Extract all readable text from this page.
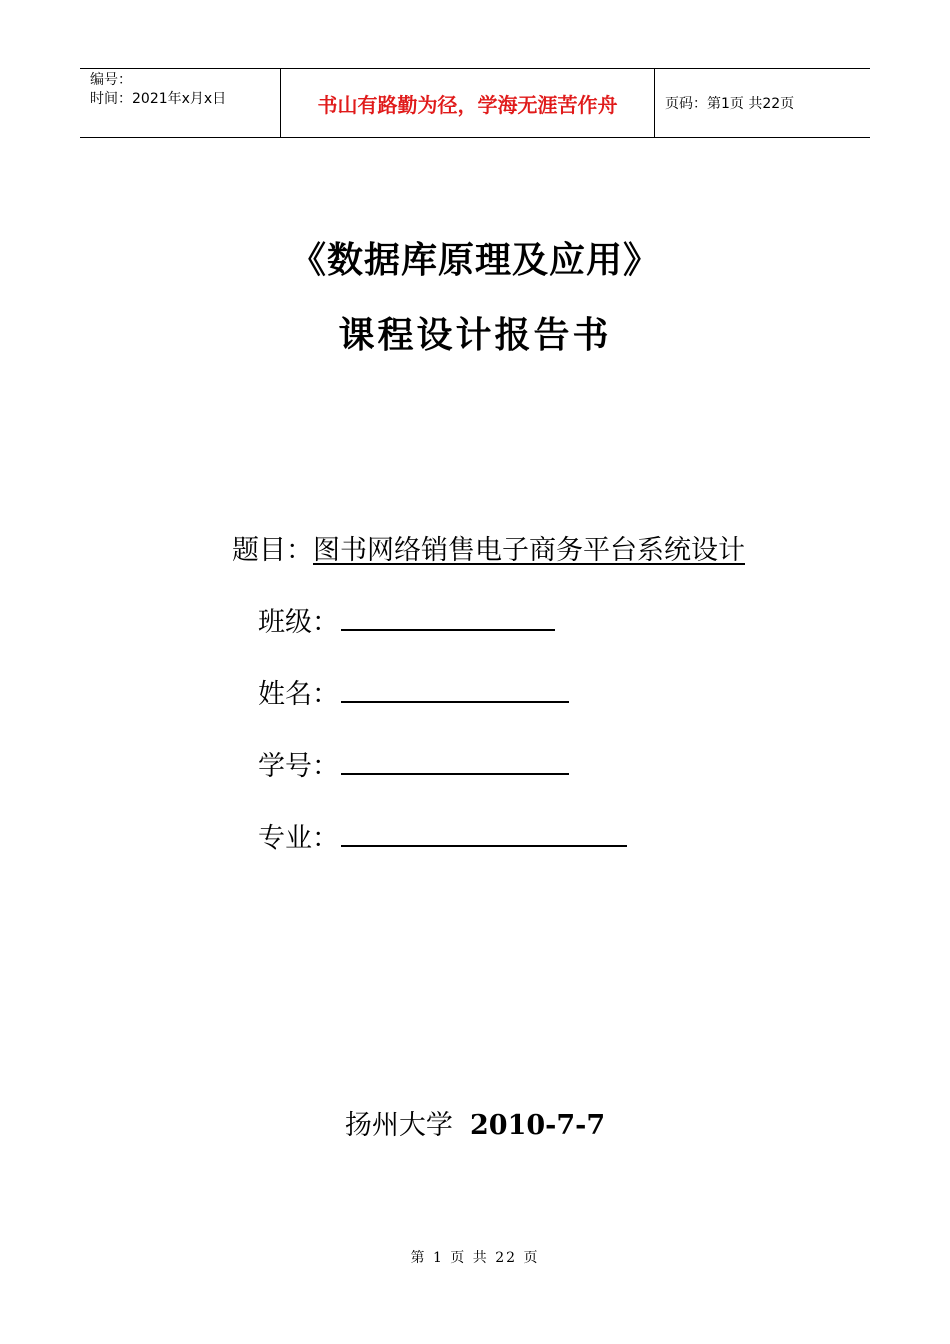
编号：
时间：2021年x月x日	书山有路勤为径，学海无涯苦作舟	页码：第1页 共22页
《数据库原理及应用》
课程设计报告书
题目：图书网络销售电子商务平台系统设计
班级：
姓名：
学号：
专业：
扬州大学 2010-7-7
第 1 页 共 22 页
